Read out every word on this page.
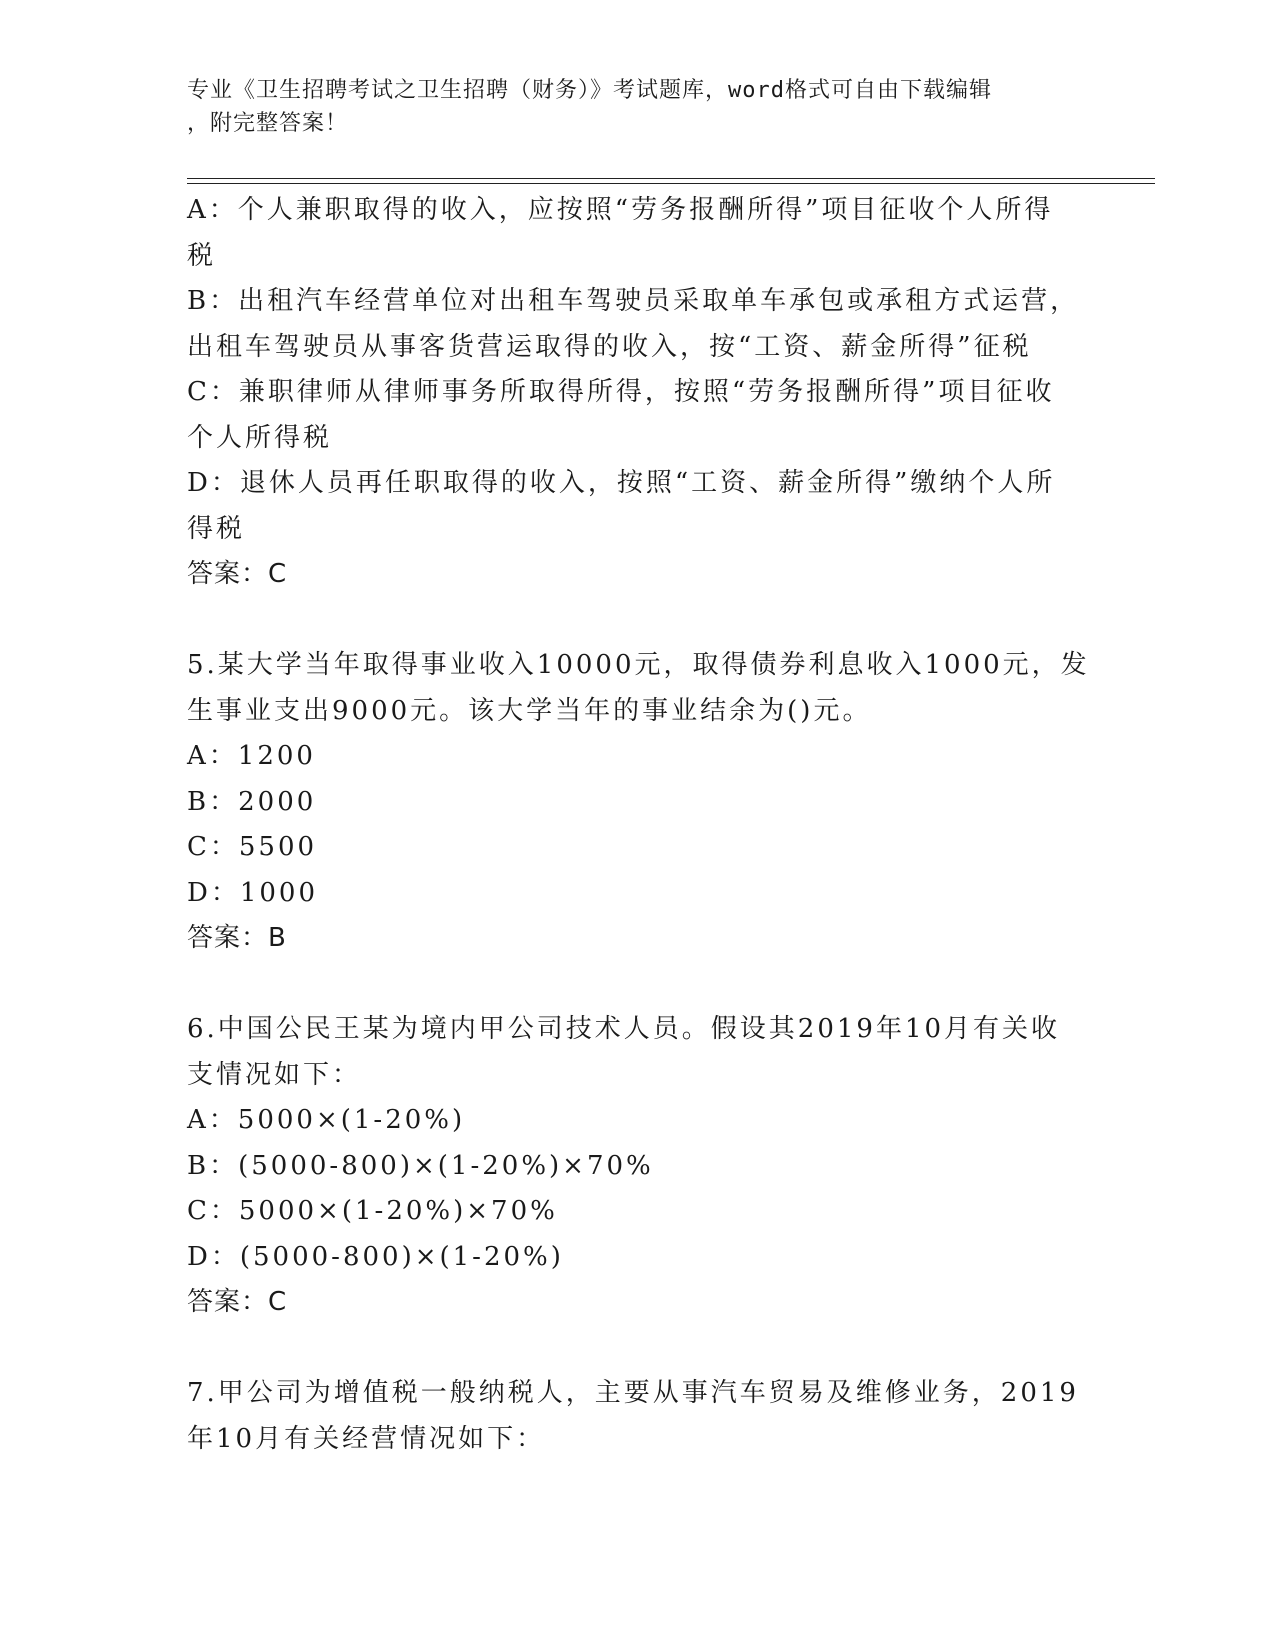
专业《卫生招聘考试之卫生招聘（财务）》考试题库，word格式可自由下载编辑
，附完整答案！
A：个人兼职取得的收入，应按照“劳务报酬所得”项目征收个人所得
税
B：出租汽车经营单位对出租车驾驶员采取单车承包或承租方式运营，
出租车驾驶员从事客货营运取得的收入，按“工资、薪金所得”征税
C：兼职律师从律师事务所取得所得，按照“劳务报酬所得”项目征收
个人所得税
D：退休人员再任职取得的收入，按照“工资、薪金所得”缴纳个人所
得税
答案：C
5.某大学当年取得事业收入10000元，取得债券利息收入1000元，发
生事业支出9000元。该大学当年的事业结余为()元。
A：1200
B：2000
C：5500
D：1000
答案：B
6.中国公民王某为境内甲公司技术人员。假设其2019年10月有关收
支情况如下：
A：5000×(1-20%)
B：(5000-800)×(1-20%)×70%
C：5000×(1-20%)×70%
D：(5000-800)×(1-20%)
答案：C
7.甲公司为增值税一般纳税人，主要从事汽车贸易及维修业务，2019
年10月有关经营情况如下：
